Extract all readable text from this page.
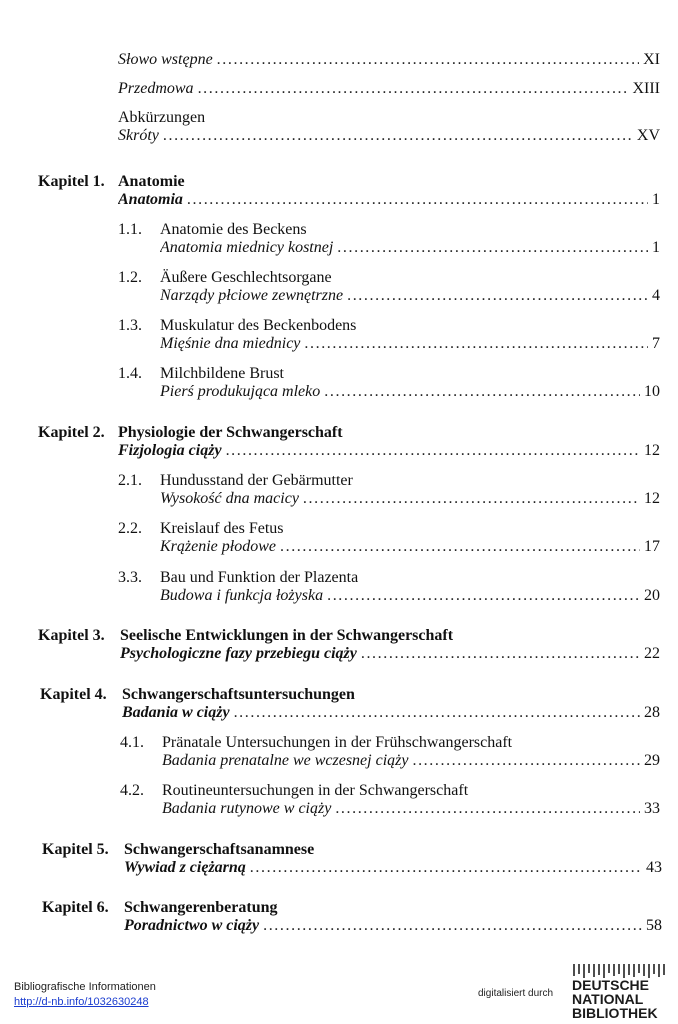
Słowo wstępne .....	XI
Przedmowa .....	XIII
Abkürzungen
Skróty .....	XV
Kapitel 1. Anatomie
Anatomia .....	1
1.1. Anatomie des Beckens
Anatomia miednicy kostnej .....	1
1.2. Äußere Geschlechtsorgane
Narządy płciowe zewnętrzne .....	4
1.3. Muskulatur des Beckenbodens
Mięśnie dna miednicy .....	7
1.4. Milchbildene Brust
Pierś produkująca mleko .....	10
Kapitel 2. Physiologie der Schwangerschaft
Fizjologia ciąży .....	12
2.1. Hundusstand der Gebärmutter
Wysokość dna macicy .....	12
2.2. Kreislauf des Fetus
Krążenie płodowe .....	17
3.3. Bau und Funktion der Plazenta
Budowa i funkcja łożyska .....	20
Kapitel 3. Seelische Entwicklungen in der Schwangerschaft
Psychologiczne fazy przebiegu ciąży .....	22
Kapitel 4. Schwangerschaftsuntersuchungen
Badania w ciąży .....	28
4.1. Pränatale Untersuchungen in der Frühschwangerschaft
Badania prenatalne we wczesnej ciąży .....	29
4.2. Routineuntersuchungen in der Schwangerschaft
Badania rutynowe w ciąży .....	33
Kapitel 5. Schwangerschaftsanamnese
Wywiad z ciężarną .....	43
Kapitel 6. Schwangerenberatung
Poradnictwo w ciąży .....	58
Bibliografische Informationen
http://d-nb.info/1032630248
digitalisiert durch
DEUTSCHE
NATIONAL
BIBLIOTHEK
